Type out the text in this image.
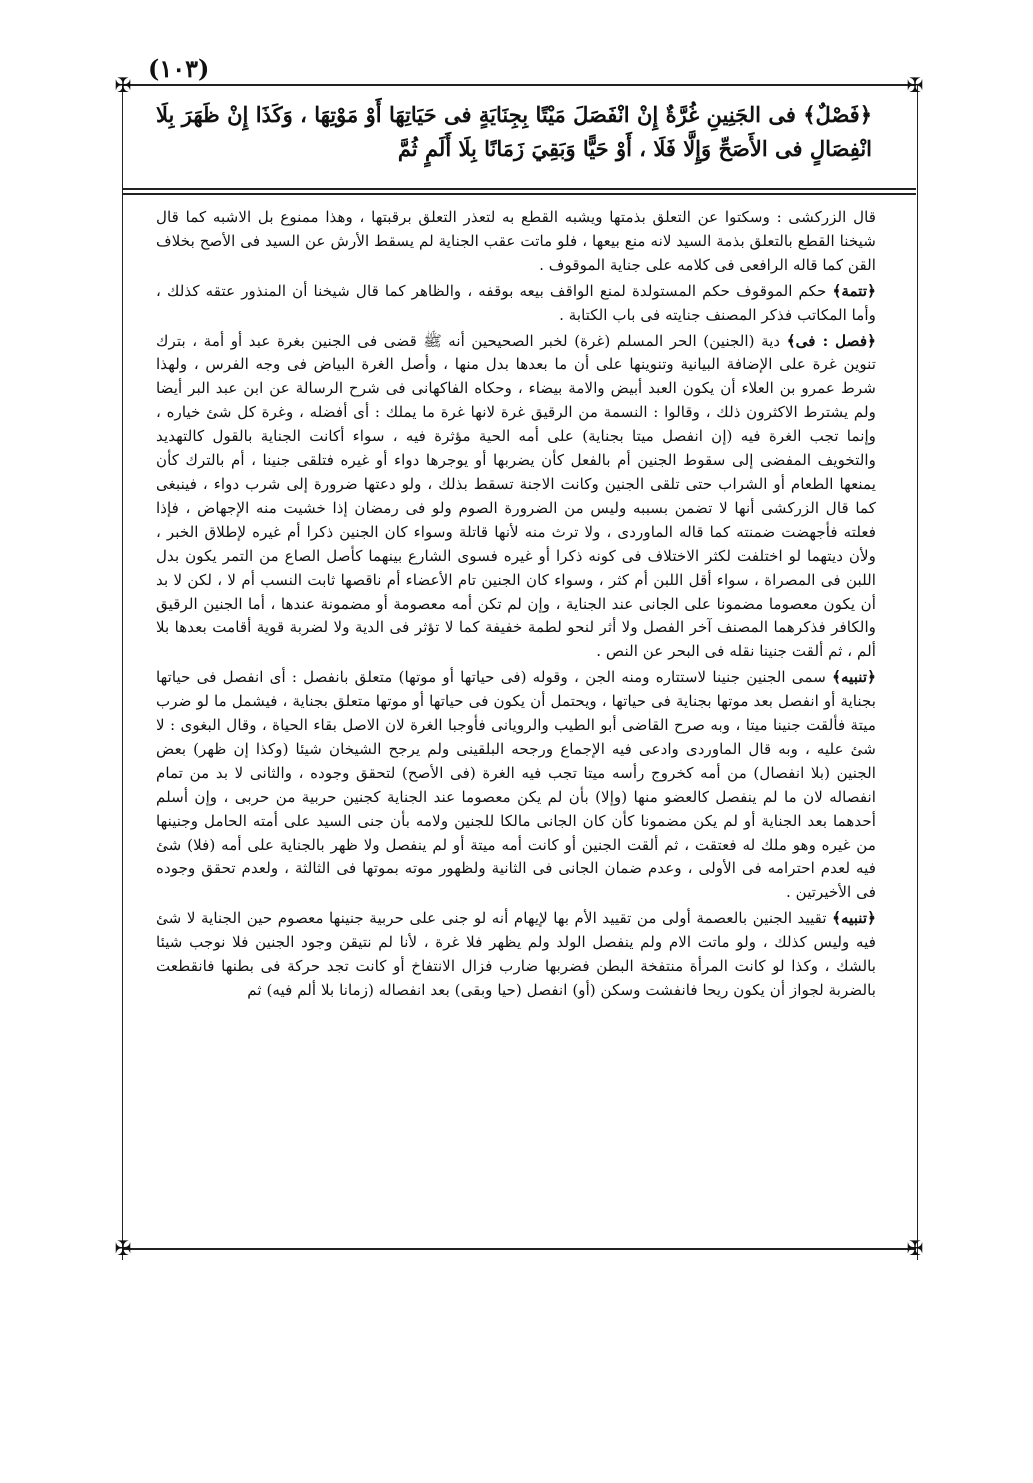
(١٠٣)
✠	✠
✠	✠
﴿فَصْلٌ﴾ فى الجَنِينِ غُرَّةٌ إِنْ انْفَصَلَ مَيْتًا بِجِنَايَةٍ فى حَيَاتِهَا أَوْ مَوْتِهَا ، وَكَذَا إِنْ ظَهَرَ بِلَا انْفِصَالٍ فى الأَصَحِّ وَإِلَّا فَلَا ، أَوْ حَيًّا وَبَقِيَ زَمَانًا بِلَا أَلَمٍ ثُمَّ

قال الزركشى : وسكتوا عن التعلق بذمتها ويشبه القطع به لتعذر التعلق برقبتها ، وهذا ممنوع بل الاشبه كما قال شيخنا القطع بالتعلق بذمة السيد لانه منع بيعها ، فلو ماتت عقب الجناية لم يسقط الأرش عن السيد فى الأصح بخلاف القن كما قاله الرافعى فى كلامه على جناية الموقوف .

﴿تتمة﴾ حكم الموقوف حكم المستولدة لمنع الواقف بيعه بوقفه ، والظاهر كما قال شيخنا أن المنذور عتقه كذلك ، وأما المكاتب فذكر المصنف جنايته فى باب الكتابة .

﴿فصل : فى﴾ دية (الجنين) الحر المسلم (غرة) لخبر الصحيحين أنه ﷺ قضى فى الجنين بغرة عبد أو أمة ، بترك تنوين غرة على الإضافة البيانية وتنوينها على أن ما بعدها بدل منها ، وأصل الغرة البياض فى وجه الفرس ، ولهذا شرط عمرو بن العلاء أن يكون العبد أبيض والامة بيضاء ، وحكاه الفاكهانى فى شرح الرسالة عن ابن عبد البر أيضا ولم يشترط الاكثرون ذلك ، وقالوا : النسمة من الرقيق غرة لانها غرة ما يملك : أى أفضله ، وغرة كل شئ خياره ، وإنما تجب الغرة فيه (إن انفصل ميتا بجناية) على أمه الحية مؤثرة فيه ، سواء أكانت الجناية بالقول كالتهديد والتخويف المفضى إلى سقوط الجنين أم بالفعل كأن يضربها أو يوجرها دواء أو غيره فتلقى جنينا ، أم بالترك كأن يمنعها الطعام أو الشراب حتى تلقى الجنين وكانت الاجنة تسقط بذلك ، ولو دعتها ضرورة إلى شرب دواء ، فينبغى كما قال الزركشى أنها لا تضمن بسببه وليس من الضرورة الصوم ولو فى رمضان إذا خشيت منه الإجهاض ، فإذا فعلته فأجهضت ضمنته كما قاله الماوردى ، ولا ترث منه لأنها قاتلة وسواء كان الجنين ذكرا أم غيره لإطلاق الخبر ، ولأن ديتهما لو اختلفت لكثر الاختلاف فى كونه ذكرا أو غيره فسوى الشارع بينهما كأصل الصاع من التمر يكون بدل اللبن فى المصراة ، سواء أقل اللبن أم كثر ، وسواء كان الجنين تام الأعضاء أم ناقصها ثابت النسب أم لا ، لكن لا بد أن يكون معصوما مضمونا على الجانى عند الجناية ، وإن لم تكن أمه معصومة أو مضمونة عندها ، أما الجنين الرقيق والكافر فذكرهما المصنف آخر الفصل ولا أثر لنحو لطمة خفيفة كما لا تؤثر فى الدية ولا لضربة قوية أقامت بعدها بلا ألم ، ثم ألقت جنينا نقله فى البحر عن النص .

﴿تنبيه﴾ سمى الجنين جنينا لاستتاره ومنه الجن ، وقوله (فى حياتها أو موتها) متعلق بانفصل : أى انفصل فى حياتها بجناية أو انفصل بعد موتها بجناية فى حياتها ، ويحتمل أن يكون فى حياتها أو موتها متعلق بجناية ، فيشمل ما لو ضرب ميتة فألقت جنينا ميتا ، وبه صرح القاضى أبو الطيب والرويانى فأوجبا الغرة لان الاصل بقاء الحياة ، وقال البغوى : لا شئ عليه ، وبه قال الماوردى وادعى فيه الإجماع ورجحه البلقينى ولم يرجح الشيخان شيئا (وكذا إن ظهر) بعض الجنين (بلا انفصال) من أمه كخروج رأسه ميتا تجب فيه الغرة (فى الأصح) لتحقق وجوده ، والثانى لا بد من تمام انفصاله لان ما لم ينفصل كالعضو منها (وإلا) بأن لم يكن معصوما عند الجناية كجنين حربية من حربى ، وإن أسلم أحدهما بعد الجناية أو لم يكن مضمونا كأن كان الجانى مالكا للجنين ولامه بأن جنى السيد على أمته الحامل وجنينها من غيره وهو ملك له فعتقت ، ثم ألقت الجنين أو كانت أمه ميتة أو لم ينفصل ولا ظهر بالجناية على أمه (فلا) شئ فيه لعدم احترامه فى الأولى ، وعدم ضمان الجانى فى الثانية ولظهور موته بموتها فى الثالثة ، ولعدم تحقق وجوده فى الأخيرتين .

﴿تنبيه﴾ تقييد الجنين بالعصمة أولى من تقييد الأم بها لإيهام أنه لو جنى على حربية جنينها معصوم حين الجناية لا شئ فيه وليس كذلك ، ولو ماتت الام ولم ينفصل الولد ولم يظهر فلا غرة ، لأنا لم نتيقن وجود الجنين فلا نوجب شيئا بالشك ، وكذا لو كانت المرأة منتفخة البطن فضربها ضارب فزال الانتفاخ أو كانت تجد حركة فى بطنها فانقطعت بالضربة لجواز أن يكون ريحا فانفشت وسكن (أو) انفصل (حيا وبقى) بعد انفصاله (زمانا بلا ألم فيه) ثم
